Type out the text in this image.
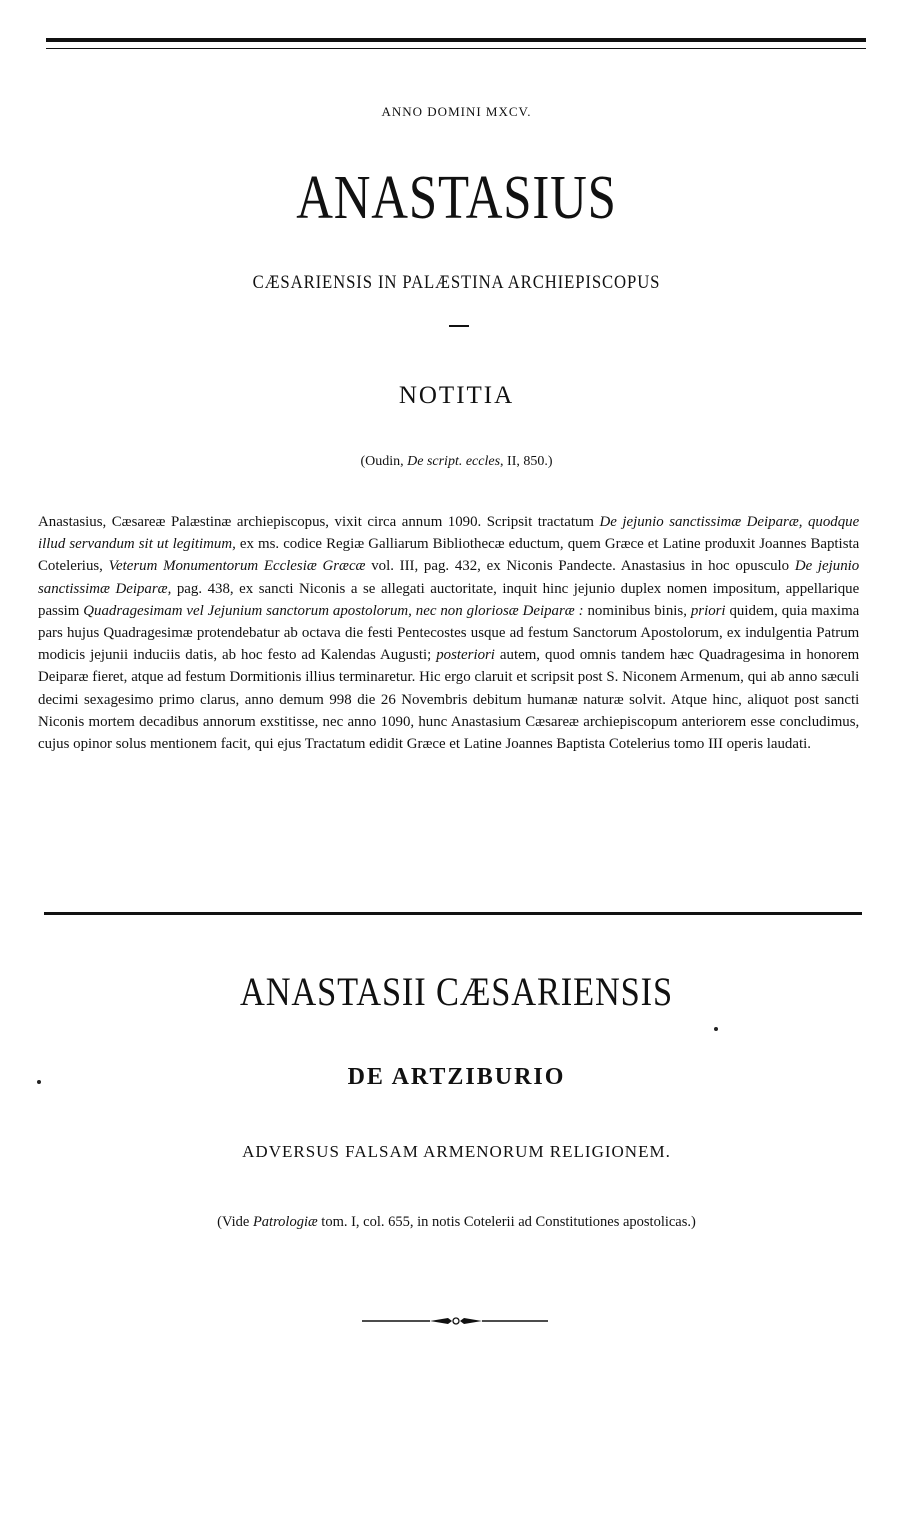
ANNO DOMINI MXCV.
ANASTASIUS
CÆSARIENSIS IN PALÆSTINA ARCHIEPISCOPUS
NOTITIA
(Oudin, De script. eccles, II, 850.)
Anastasius, Cæsareæ Palæstinæ archiepiscopus, vixit circa annum 1090. Scripsit tractatum De jejunio sanctissimæ Deiparæ, quodque illud servandum sit ut legitimum, ex ms. codice Regiæ Galliarum Bibliothecæ eductum, quem Græce et Latine produxit Joannes Baptista Cotelerius, Veterum Monumentorum Ecclesiæ Græcæ vol. III, pag. 432, ex Niconis Pandecte. Anastasius in hoc opusculo De jejunio sanctissimæ Deiparæ, pag. 438, ex sancti Niconis a se allegati auctoritate, inquit hinc jejunio duplex nomen impositum, appellarique passim Quadragesimam vel Jejunium sanctorum apostolorum, nec non gloriosæ Deiparæ : nominibus binis, priori quidem, quia maxima pars hujus Quadragesimæ protendebatur ab octava die festi Pentecostes usque ad festum Sanctorum Apostolorum, ex indulgentia Patrum modicis jejunii induciis datis, ab hoc festo ad Kalendas Augusti; posteriori autem, quod omnis tandem hæc Quadragesima in honorem Deiparæ fieret, atque ad festum Dormitionis illius terminaretur. Hic ergo claruit et scripsit post S. Niconem Armenum, qui ab anno sæculi decimi sexagesimo primo clarus, anno demum 998 die 26 Novembris debitum humanæ naturæ solvit. Atque hinc, aliquot post sancti Niconis mortem decadibus annorum exstitisse, nec anno 1090, hunc Anastasium Cæsareæ archiepiscopum anteriorem esse concludimus, cujus opinor solus mentionem facit, qui ejus Tractatum edidit Græce et Latine Joannes Baptista Cotelerius tomo III operis laudati.
ANASTASII CÆSARIENSIS
DE ARTZIBURIO
ADVERSUS FALSAM ARMENORUM RELIGIONEM.
(Vide Patrologiæ tom. I, col. 655, in notis Cotelerii ad Constitutiones apostolicas.)
